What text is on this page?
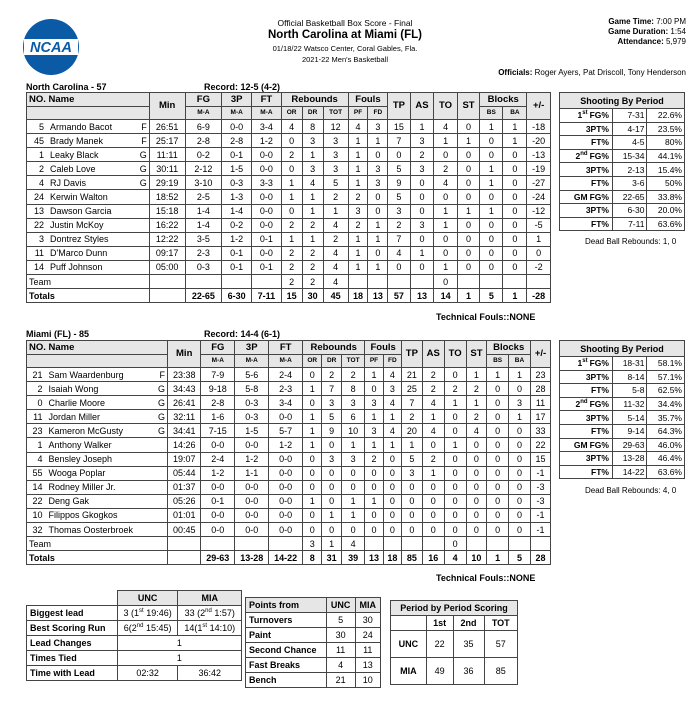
NCAA
Official Basketball Box Score - Final
North Carolina at Miami (FL)
01/18/22 Watsco Center, Coral Gables, Fla.
2021-22 Men's Basketball
Game Time: 7:00 PM
Game Duration: 1:54
Attendance: 5,979
Officials: Roger Ayers, Pat Driscoll, Tony Henderson
North Carolina - 57	Record: 12-5 (4-2)
NO. Name			Min	FG	3P	FT	Rebounds			Fouls		TP	AS	TO	ST	Blocks		+/-
				M-A	M-A	M-A	OR	DR	TOT	PF	FD					BS	BA	
5	Armando Bacot	F	26:51	6-9	0-0	3-4	4	8	12	4	3	15	1	4	0	1	1	-18
45	Brady Manek	F	25:17	2-8	2-8	1-2	0	3	3	1	1	7	3	1	1	0	1	-20
1	Leaky Black	G	11:11	0-2	0-1	0-0	2	1	3	1	0	0	2	0	0	0	0	-13
2	Caleb Love	G	30:11	2-12	1-5	0-0	0	3	3	1	3	5	3	2	0	1	0	-19
4	RJ Davis	G	29:19	3-10	0-3	3-3	1	4	5	1	3	9	0	4	0	1	0	-27
24	Kerwin Walton		18:52	2-5	1-3	0-0	1	1	2	2	0	5	0	0	0	0	0	-24
13	Dawson Garcia		15:18	1-4	1-4	0-0	0	1	1	3	0	3	0	1	1	1	0	-12
22	Justin McKoy		16:22	1-4	0-2	0-0	2	2	4	2	1	2	3	1	0	0	0	-5
3	Dontrez Styles		12:22	3-5	1-2	0-1	1	1	2	1	1	7	0	0	0	0	0	1
11	D'Marco Dunn		09:17	2-3	0-1	0-0	2	2	4	1	0	4	1	0	0	0	0	0
14	Puff Johnson		05:00	0-3	0-1	0-1	2	2	4	1	1	0	0	1	0	0	0	-2
Team							2	2	4					0				
Totals				22-65	6-30	7-11	15	30	45	18	13	57	13	14	1	5	1	-28
Technical Fouls::NONE
Shooting By Period		
1st FG%	7-31	22.6%
3PT%	4-17	23.5%
FT%	4-5	80%
2nd FG%	15-34	44.1%
3PT%	2-13	15.4%
FT%	3-6	50%
GM FG%	22-65	33.8%
3PT%	6-30	20.0%
FT%	7-11	63.6%
Dead Ball Rebounds: 1, 0
Miami (FL) - 85	Record: 14-4 (6-1)
NO. Name			Min	FG	3P	FT	Rebounds			Fouls		TP	AS	TO	ST	Blocks		+/-
				M-A	M-A	M-A	OR	DR	TOT	PF	FD					BS	BA	
21	Sam Waardenburg	F	23:38	7-9	5-6	2-4	0	2	2	1	4	21	2	0	1	1	1	23
2	Isaiah Wong	G	34:43	9-18	5-8	2-3	1	7	8	0	3	25	2	2	2	0	0	28
0	Charlie Moore	G	26:41	2-8	0-3	3-4	0	3	3	3	4	7	4	1	1	0	3	11
11	Jordan Miller	G	32:11	1-6	0-3	0-0	1	5	6	1	1	2	1	0	2	0	1	17
23	Kameron McGusty	G	34:41	7-15	1-5	5-7	1	9	10	3	4	20	4	0	4	0	0	33
1	Anthony Walker		14:26	0-0	0-0	1-2	1	0	1	1	1	1	0	1	0	0	0	22
4	Bensley Joseph		19:07	2-4	1-2	0-0	0	3	3	2	0	5	2	0	0	0	0	15
55	Wooga Poplar		05:44	1-2	1-1	0-0	0	0	0	0	0	3	1	0	0	0	0	-1
14	Rodney Miller Jr.		01:37	0-0	0-0	0-0	0	0	0	0	0	0	0	0	0	0	0	-3
22	Deng Gak		05:26	0-1	0-0	0-0	1	0	1	1	0	0	0	0	0	0	0	-3
10	Filippos Gkogkos		01:01	0-0	0-0	0-0	0	1	1	0	0	0	0	0	0	0	0	-1
32	Thomas Oosterbroek		00:45	0-0	0-0	0-0	0	0	0	0	0	0	0	0	0	0	0	-1
Team							3	1	4					0				
Totals				29-63	13-28	14-22	8	31	39	13	18	85	16	4	10	1	5	28
Technical Fouls::NONE
Shooting By Period		
1st FG%	18-31	58.1%
3PT%	8-14	57.1%
FT%	5-8	62.5%
2nd FG%	11-32	34.4%
3PT%	5-14	35.7%
FT%	9-14	64.3%
GM FG%	29-63	46.0%
3PT%	13-28	46.4%
FT%	14-22	63.6%
Dead Ball Rebounds: 4, 0
	UNC	MIA
Biggest lead	3 (1st 19:46)	33 (2nd 1:57)
Best Scoring Run	6(2nd 15:45)	14(1st 14:10)
Lead Changes	1	
Times Tied	1	
Time with Lead	02:32	36:42
Points from	UNC	MIA
Turnovers	5	30
Paint	30	24
Second Chance	11	11
Fast Breaks	4	13
Bench	21	10
Period by Period Scoring			
	1st	2nd	TOT
UNC	22	35	57
MIA	49	36	85
